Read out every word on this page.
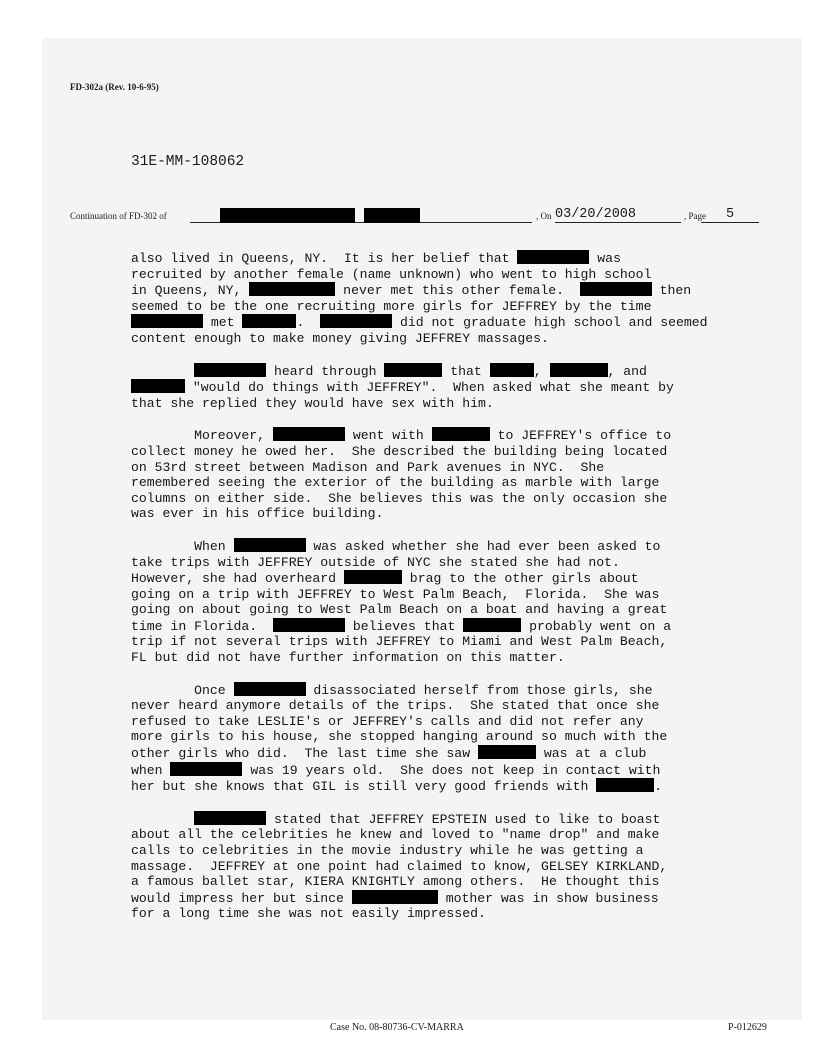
FD-302a (Rev. 10-6-95)
31E-MM-108062
Continuation of FD-302 of	, On 03/20/2008	, Page	5
also lived in Queens, NY.  It is her belief that	was
recruited by another female (name unknown) who went to high school
in Queens, NY,	never met this other female.	then
seemed to be the one recruiting more girls for JEFFREY by the time
met	.	did not graduate high school and seemed
content enough to make money giving JEFFREY massages.
heard through	that	,	, and
"would do things with JEFFREY".  When asked what she meant by
that she replied they would have sex with him.
Moreover,	went with	to JEFFREY's office to
collect money he owed her.  She described the building being located
on 53rd street between Madison and Park avenues in NYC.  She
remembered seeing the exterior of the building as marble with large
columns on either side.  She believes this was the only occasion she
was ever in his office building.
When	was asked whether she had ever been asked to
take trips with JEFFREY outside of NYC she stated she had not.
However, she had overheard	brag to the other girls about
going on a trip with JEFFREY to West Palm Beach,  Florida.  She was
going on about going to West Palm Beach on a boat and having a great
time in Florida.	believes that	probably went on a
trip if not several trips with JEFFREY to Miami and West Palm Beach,
FL but did not have further information on this matter.
Once	disassociated herself from those girls, she
never heard anymore details of the trips.  She stated that once she
refused to take LESLIE's or JEFFREY's calls and did not refer any
more girls to his house, she stopped hanging around so much with the
other girls who did.  The last time she saw	was at a club
when	was 19 years old.  She does not keep in contact with
her but she knows that GIL is still very good friends with	.
stated that JEFFREY EPSTEIN used to like to boast
about all the celebrities he knew and loved to "name drop" and make
calls to celebrities in the movie industry while he was getting a
massage.  JEFFREY at one point had claimed to know, GELSEY KIRKLAND,
a famous ballet star, KIERA KNIGHTLY among others.  He thought this
would impress her but since	mother was in show business
for a long time she was not easily impressed.
Case No. 08-80736-CV-MARRA	P-012629
